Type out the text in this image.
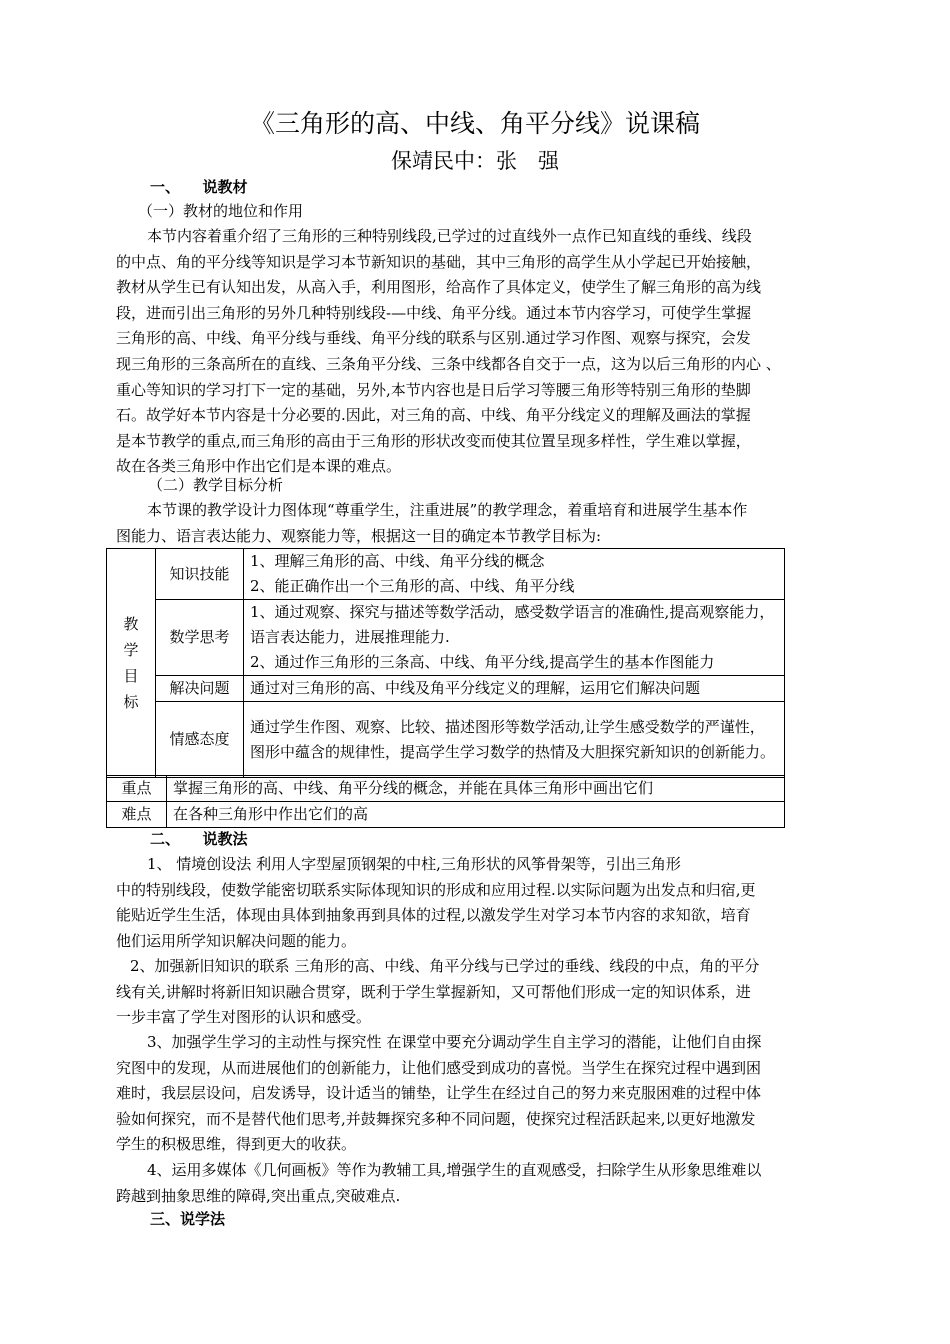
《三角形的高、中线、角平分线》说课稿
保靖民中：张　强
一、　　说教材
（一）教材的地位和作用
本节内容着重介绍了三角形的三种特别线段,已学过的过直线外一点作已知直线的垂线、线段
的中点、角的平分线等知识是学习本节新知识的基础，其中三角形的高学生从小学起已开始接触，
教材从学生已有认知出发，从高入手，利用图形，给高作了具体定义，使学生了解三角形的高为线
段，进而引出三角形的另外几种特别线段-—中线、角平分线。通过本节内容学习，可使学生掌握
三角形的高、中线、角平分线与垂线、角平分线的联系与区别.通过学习作图、观察与探究，会发
现三角形的三条高所在的直线、三条角平分线、三条中线都各自交于一点，这为以后三角形的内心 、
重心等知识的学习打下一定的基础，另外,本节内容也是日后学习等腰三角形等特别三角形的垫脚
石。故学好本节内容是十分必要的.因此，对三角的高、中线、角平分线定义的理解及画法的掌握
是本节教学的重点,而三角形的高由于三角形的形状改变而使其位置呈现多样性，学生难以掌握，
故在各类三角形中作出它们是本课的难点。
（二）教学目标分析
本节课的教学设计力图体现“尊重学生，注重进展”的教学理念，着重培育和进展学生基本作
图能力、语言表达能力、观察能力等，根据这一目的确定本节教学目标为:
教
学
目
标	知识技能	1、理解三角形的高、中线、角平分线的概念
2、能正确作出一个三角形的高、中线、角平分线

	数学思考	1、通过观察、探究与描述等数学活动，感受数学语言的准确性,提高观察能力，语言表达能力，进展推理能力.
2、通过作三角形的三条高、中线、角平分线,提高学生的基本作图能力

	解决问题	通过对三角形的高、中线及角平分线定义的理解，运用它们解决问题

	情感态度	通过学生作图、观察、比较、描述图形等数学活动,让学生感受数学的严谨性，图形中蕴含的规律性，提高学生学习数学的热情及大胆探究新知识的创新能力。
重点	掌握三角形的高、中线、角平分线的概念，并能在具体三角形中画出它们
难点	在各种三角形中作出它们的高
二、　　说教法
1、 情境创设法 利用人字型屋顶钢架的中柱,三角形状的风筝骨架等，引出三角形
中的特别线段，使数学能密切联系实际体现知识的形成和应用过程.以实际问题为出发点和归宿,更
能贴近学生生活，体现由具体到抽象再到具体的过程,以激发学生对学习本节内容的求知欲，培育
他们运用所学知识解决问题的能力。
2、加强新旧知识的联系 三角形的高、中线、角平分线与已学过的垂线、线段的中点，角的平分
线有关,讲解时将新旧知识融合贯穿，既利于学生掌握新知，又可帮他们形成一定的知识体系，进
一步丰富了学生对图形的认识和感受。
3、加强学生学习的主动性与探究性 在课堂中要充分调动学生自主学习的潜能，让他们自由探
究图中的发现，从而进展他们的创新能力，让他们感受到成功的喜悦。当学生在探究过程中遇到困
难时，我层层设问，启发诱导，设计适当的铺垫，让学生在经过自己的努力来克服困难的过程中体
验如何探究，而不是替代他们思考,并鼓舞探究多种不同问题，使探究过程活跃起来,以更好地激发
学生的积极思维，得到更大的收获。
4、运用多媒体《几何画板》等作为教辅工具,增强学生的直观感受，扫除学生从形象思维难以
跨越到抽象思维的障碍,突出重点,突破难点.
三、说学法
